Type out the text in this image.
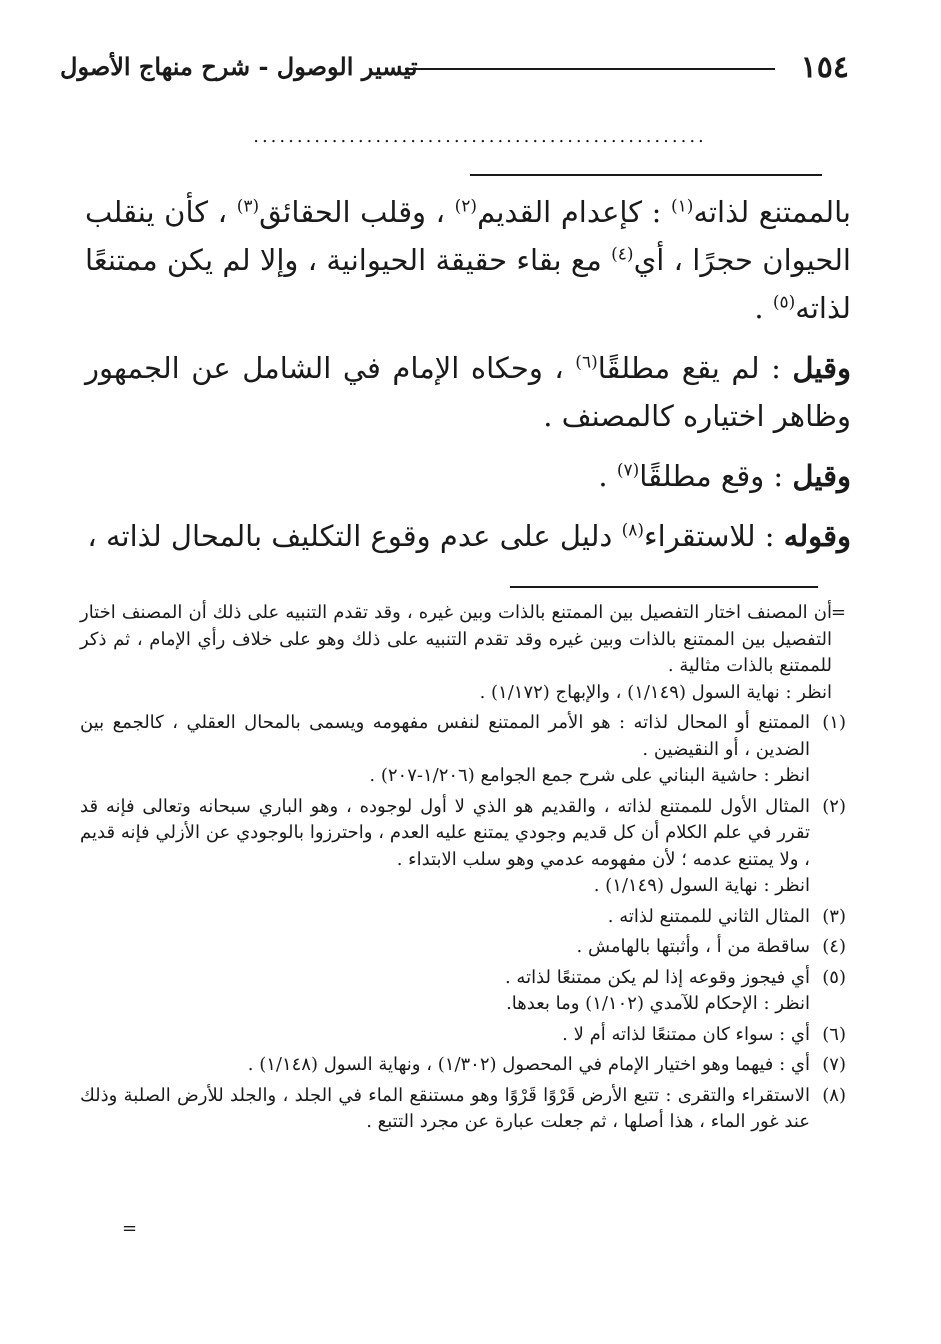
١٥٤
تيسير الوصول - شرح منهاج الأصول
....................................................

بالممتنع لذاته$^{(١)}$ : كإعدام القديم$^{(٢)}$ ، وقلب الحقائق$^{(٣)}$ ، كأن ينقلب الحيوان حجرًا ، أي$^{(٤)}$ مع بقاء حقيقة الحيوانية ، وإلا لم يكن ممتنعًا لذاته$^{(٥)}$ .

وقيل : لم يقع مطلقًا$^{(٦)}$ ، وحكاه الإمام في الشامل عن الجمهور وظاهر اختياره كالمصنف .

وقيل : وقع مطلقًا$^{(٧)}$ .

وقوله : للاستقراء$^{(٨)}$ دليل على عدم وقوع التكليف بالمحال لذاته ،

=
أن المصنف اختار التفصيل بين الممتنع بالذات وبين غيره ، وقد تقدم التنبيه على ذلك أن المصنف اختار التفصيل بين الممتنع بالذات وبين غيره وقد تقدم التنبيه على ذلك وهو على خلاف رأي الإمام ، ثم ذكر للممتنع بالذات مثالية .
انظر : نهاية السول (١/١٤٩) ، والإبهاج (١/١٧٢) .
(١)
الممتنع أو المحال لذاته : هو الأمر الممتنع لنفس مفهومه ويسمى بالمحال العقلي ، كالجمع بين الضدين ، أو النقيضين .
انظر : حاشية البناني على شرح جمع الجوامع (١/٢٠٦-٢٠٧) .
(٢)
المثال الأول للممتنع لذاته ، والقديم هو الذي لا أول لوجوده ، وهو الباري سبحانه وتعالى فإنه قد تقرر في علم الكلام أن كل قديم وجودي يمتنع عليه العدم ، واحترزوا بالوجودي عن الأزلي فإنه قديم ، ولا يمتنع عدمه ؛ لأن مفهومه عدمي وهو سلب الابتداء .
انظر : نهاية السول (١/١٤٩) .
(٣)
المثال الثاني للممتنع لذاته .
(٤)
ساقطة من أ ، وأثبتها بالهامش .
(٥)
أي فيجوز وقوعه إذا لم يكن ممتنعًا لذاته .
انظر : الإحكام للآمدي (١/١٠٢) وما بعدها.
(٦)
أي : سواء كان ممتنعًا لذاته أم لا .
(٧)
أي : فيهما وهو اختيار الإمام في المحصول (١/٣٠٢) ، ونهاية السول (١/١٤٨) .
(٨)
الاستقراء والتقرى : تتبع الأرض قَرْوًا قَرْوًا وهو مستنقع الماء في الجلد ، والجلد للأرض الصلبة وذلك عند غور الماء ، هذا أصلها ، ثم جعلت عبارة عن مجرد التتبع .
=
